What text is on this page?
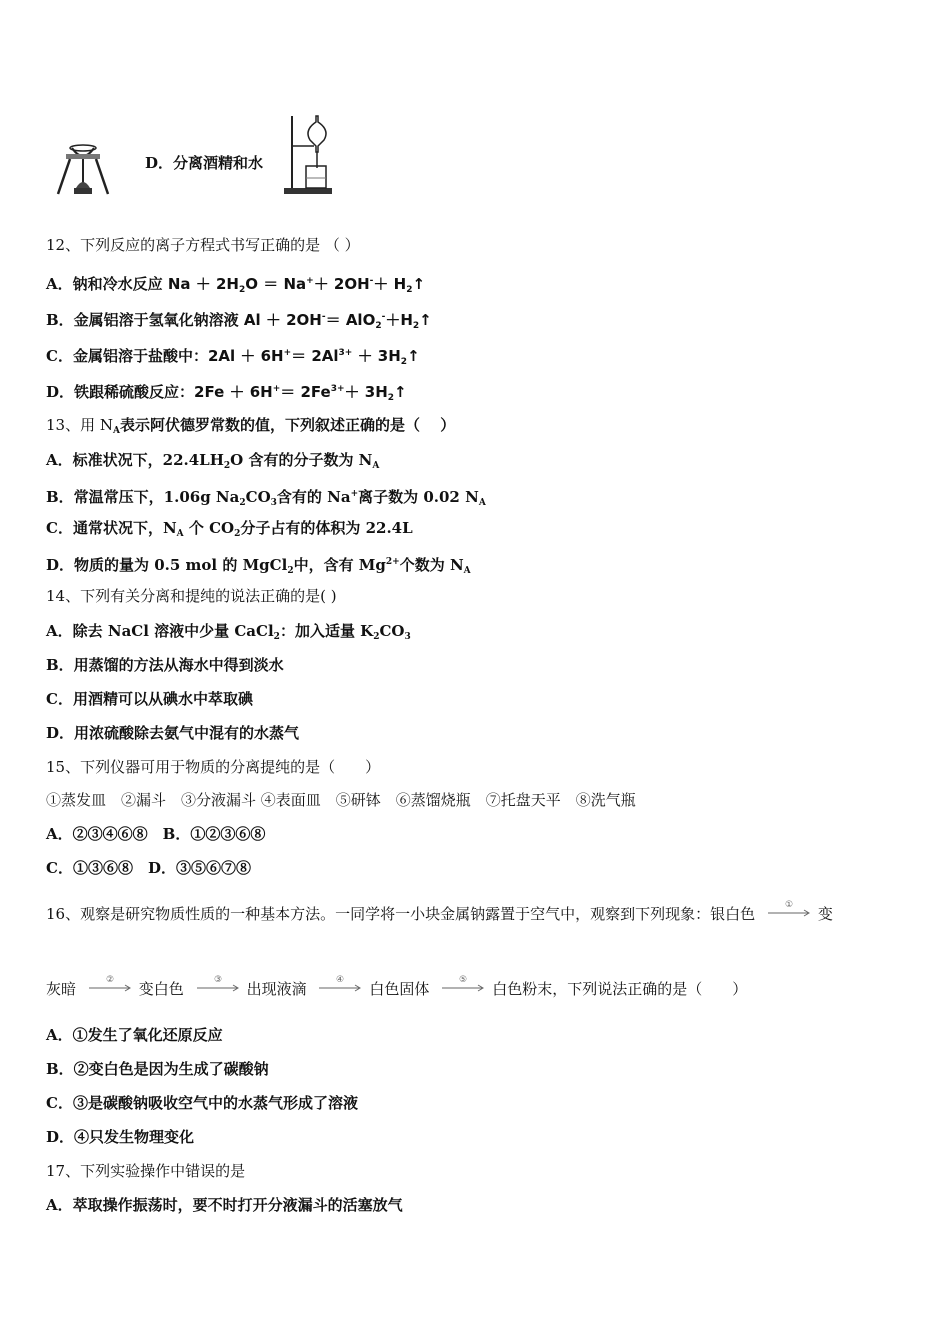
D．分离酒精和水
12、下列反应的离子方程式书写正确的是 （ ）
A．钠和冷水反应 $Na + 2H_2O = Na^++ 2OH^-+$ $H_2↑$
B．金属铝溶于氢氧化钠溶液 $Al + 2OH^-= AlO_2^-+H_2↑$
C．金属铝溶于盐酸中：$2Al + 6H^+= 2Al^{3+}$ ＋ $3H_2↑$
D．铁跟稀硫酸反应：$2Fe + 6H^+= 2Fe^{3+}+$ $3H_2↑$
13、用 $N_A$表示阿伏德罗常数的值，下列叙述正确的是（　 ）
A．标准状况下，$22.4LH_2O$ 含有的分子数为 $N_A$
B．常温常压下，1.06g $Na_2CO_3$含有的 Na+离子数为 0.02 $N_A$
C．通常状况下，$N_A$ 个 $CO_2$分子占有的体积为 22.4L
D．物质的量为 0.5 mol 的 MgCl$_2$中，含有 $Mg^{2+}$个数为 $N_A$
14、下列有关分离和提纯的说法正确的是( )
A．除去 NaCl 溶液中少量 CaCl$_2$：加入适量 $K_2CO_3$
B．用蒸馏的方法从海水中得到淡水
C．用酒精可以从碘水中萃取碘
D．用浓硫酸除去氨气中混有的水蒸气
15、下列仪器可用于物质的分离提纯的是（　　）
①蒸发皿　②漏斗　③分液漏斗 ④表面皿　⑤研钵　⑥蒸馏烧瓶　⑦托盘天平　⑧洗气瓶
A．②③④⑥⑧　B．①②③⑥⑧
C．①③⑥⑧　D．③⑤⑥⑦⑧
16、观察是研究物质性质的一种基本方法。一同学将一小块金属钠露置于空气中，观察到下列现象：银白色	① 变
灰暗	② 变白色	③ 出现液滴	④ 白色固体	⑤ 白色粉末，下列说法正确的是（　　）
A．①发生了氧化还原反应
B．②变白色是因为生成了碳酸钠
C．③是碳酸钠吸收空气中的水蒸气形成了溶液
D．④只发生物理变化
17、下列实验操作中错误的是
A．萃取操作振荡时，要不时打开分液漏斗的活塞放气
